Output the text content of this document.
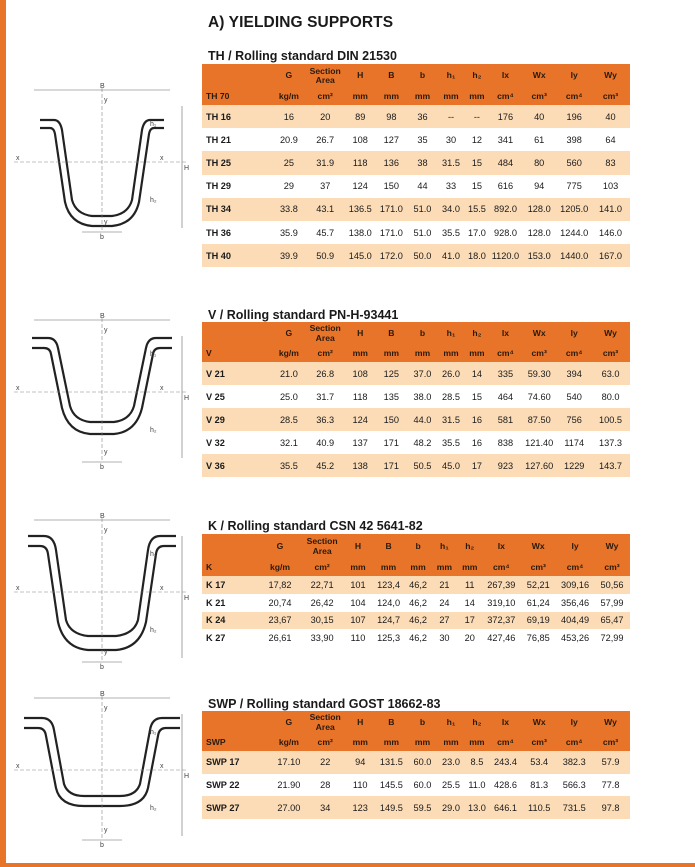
A) YIELDING SUPPORTS
TH / Rolling standard DIN 21530
B
y
x	x
H
h₁
h₂
y
b
TH 70	G	Section Area	H	B	b	h₁	h₂	Ix	Wx	Iy	Wy
	kg/m	cm²	mm	mm	mm	mm	mm	cm⁴	cm³	cm⁴	cm³
TH 16	16	20	89	98	36	--	--	176	40	196	40
TH 21	20.9	26.7	108	127	35	30	12	341	61	398	64
TH 25	25	31.9	118	136	38	31.5	15	484	80	560	83
TH 29	29	37	124	150	44	33	15	616	94	775	103
TH 34	33.8	43.1	136.5	171.0	51.0	34.0	15.5	892.0	128.0	1205.0	141.0
TH 36	35.9	45.7	138.0	171.0	51.0	35.5	17.0	928.0	128.0	1244.0	146.0
TH 40	39.9	50.9	145.0	172.0	50.0	41.0	18.0	1120.0	153.0	1440.0	167.0
V / Rolling standard PN-H-93441
B
y
x	x
H
h₁
h₂
y
b
V	G	Section Area	H	B	b	h₁	h₂	Ix	Wx	Iy	Wy
	kg/m	cm²	mm	mm	mm	mm	mm	cm⁴	cm³	cm⁴	cm³
V 21	21.0	26.8	108	125	37.0	26.0	14	335	59.30	394	63.0
V 25	25.0	31.7	118	135	38.0	28.5	15	464	74.60	540	80.0
V 29	28.5	36.3	124	150	44.0	31.5	16	581	87.50	756	100.5
V 32	32.1	40.9	137	171	48.2	35.5	16	838	121.40	1174	137.3
V 36	35.5	45.2	138	171	50.5	45.0	17	923	127.60	1229	143.7
K / Rolling standard CSN 42 5641-82
B
y
x	x
H
h₁
h₂
y
b
K	G	Section Area	H	B	b	h₁	h₂	Ix	Wx	Iy	Wy
	kg/m	cm²	mm	mm	mm	mm	mm	cm⁴	cm³	cm⁴	cm³
K 17	17,82	22,71	101	123,4	46,2	21	11	267,39	52,21	309,16	50,56
K 21	20,74	26,42	104	124,0	46,2	24	14	319,10	61,24	356,46	57,99
K 24	23,67	30,15	107	124,7	46,2	27	17	372,37	69,19	404,49	65,47
K 27	26,61	33,90	110	125,3	46,2	30	20	427,46	76,85	453,26	72,99
SWP / Rolling standard GOST 18662-83
B
y
x	x
H
h₁
h₂
y
b
SWP	G	Section Area	H	B	b	h₁	h₂	Ix	Wx	Iy	Wy
	kg/m	cm²	mm	mm	mm	mm	mm	cm⁴	cm³	cm⁴	cm³
SWP 17	17.10	22	94	131.5	60.0	23.0	8.5	243.4	53.4	382.3	57.9
SWP 22	21.90	28	110	145.5	60.0	25.5	11.0	428.6	81.3	566.3	77.8
SWP 27	27.00	34	123	149.5	59.5	29.0	13.0	646.1	110.5	731.5	97.8
